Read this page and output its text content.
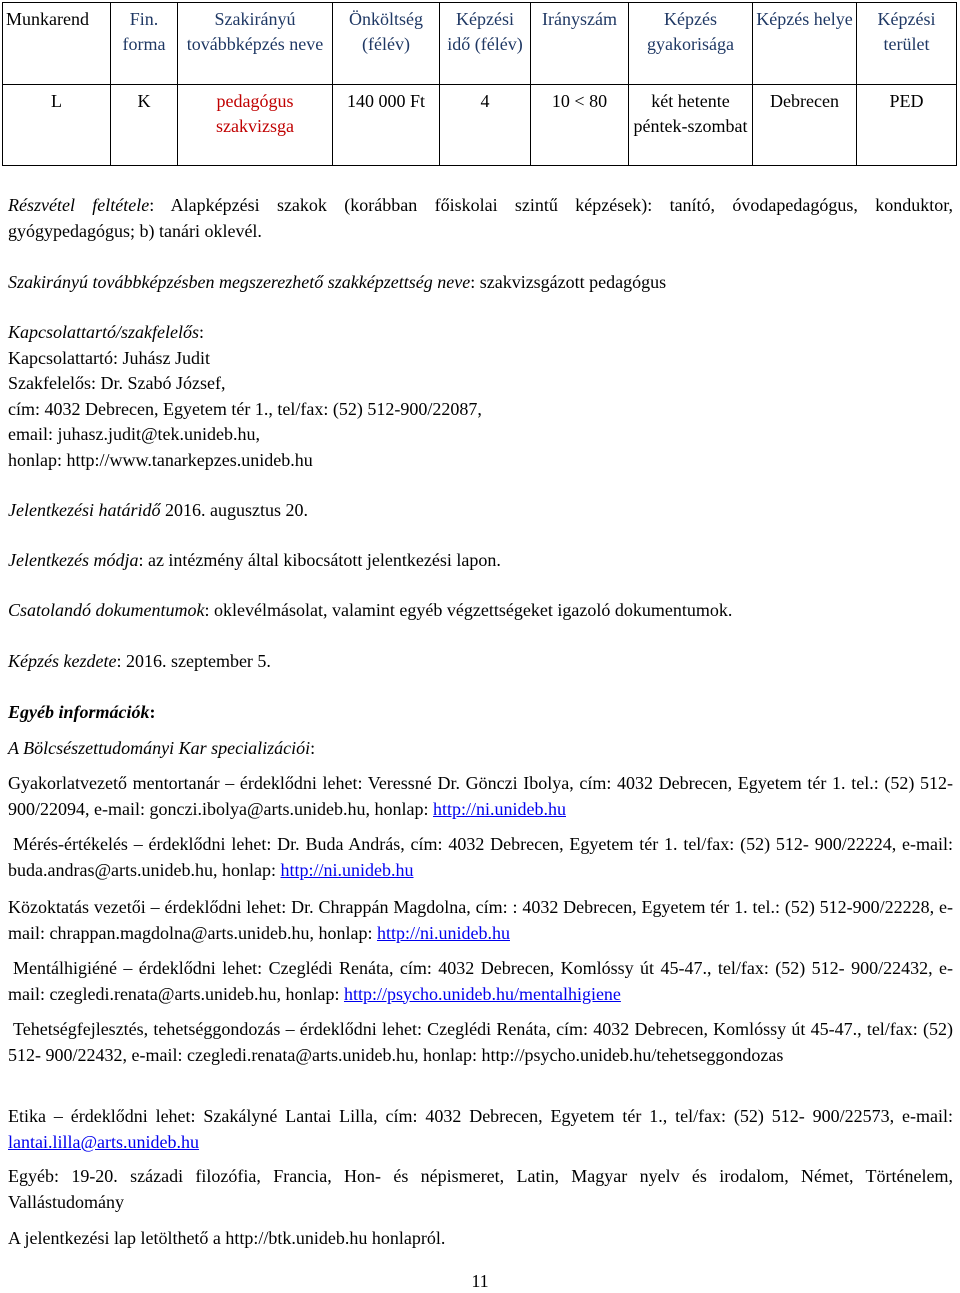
Munkarend	Fin. forma	Szakirányú továbbképzés neve	Önköltség (félév)	Képzési idő (félév)	Irányszám	Képzés gyakorisága	Képzés helye	Képzési terület
L	K	pedagógus szakvizsga	140 000 Ft	4	10 < 80	két hetente péntek-szombat	Debrecen	PED
Részvétel feltétele: Alapképzési szakok (korábban főiskolai szintű képzések): tanító, óvodapedagógus, konduktor, gyógypedagógus; b) tanári oklevél.
Szakirányú továbbképzésben megszerezhető szakképzettség neve: szakvizsgázott pedagógus
Kapcsolattartó/szakfelelős:
Kapcsolattartó: Juhász Judit
Szakfelelős: Dr. Szabó József,
cím: 4032 Debrecen, Egyetem tér 1., tel/fax: (52) 512-900/22087,
email: juhasz.judit@tek.unideb.hu,
honlap: http://www.tanarkepzes.unideb.hu
Jelentkezési határidő 2016. augusztus 20.
Jelentkezés módja: az intézmény által kibocsátott jelentkezési lapon.
Csatolandó dokumentumok: oklevélmásolat, valamint egyéb végzettségeket igazoló dokumentumok.
Képzés kezdete: 2016. szeptember 5.
Egyéb információk:
A Bölcsészettudományi Kar specializációi:
Gyakorlatvezető mentortanár – érdeklődni lehet: Veressné Dr. Gönczi Ibolya, cím: 4032 Debrecen, Egyetem tér 1. tel.: (52) 512-900/22094, e-mail: gonczi.ibolya@arts.unideb.hu, honlap: http://ni.unideb.hu
Mérés-értékelés – érdeklődni lehet: Dr. Buda András, cím: 4032 Debrecen, Egyetem tér 1. tel/fax: (52) 512- 900/22224, e-mail: buda.andras@arts.unideb.hu, honlap: http://ni.unideb.hu
Közoktatás vezetői – érdeklődni lehet: Dr. Chrappán Magdolna, cím: : 4032 Debrecen, Egyetem tér 1. tel.: (52) 512-900/22228, e-mail: chrappan.magdolna@arts.unideb.hu, honlap: http://ni.unideb.hu
Mentálhigiéné – érdeklődni lehet: Czeglédi Renáta, cím: 4032 Debrecen, Komlóssy út 45-47., tel/fax: (52) 512- 900/22432, e-mail: czegledi.renata@arts.unideb.hu, honlap: http://psycho.unideb.hu/mentalhigiene
Tehetségfejlesztés, tehetséggondozás – érdeklődni lehet: Czeglédi Renáta, cím: 4032 Debrecen, Komlóssy út 45-47., tel/fax: (52) 512- 900/22432, e-mail: czegledi.renata@arts.unideb.hu, honlap: http://psycho.unideb.hu/tehetseggondozas
Etika – érdeklődni lehet: Szakályné Lantai Lilla, cím: 4032 Debrecen, Egyetem tér 1., tel/fax: (52) 512- 900/22573, e-mail: lantai.lilla@arts.unideb.hu
Egyéb: 19-20. századi filozófia, Francia, Hon- és népismeret, Latin, Magyar nyelv és irodalom, Német, Történelem, Vallástudomány
A jelentkezési lap letölthető a http://btk.unideb.hu honlapról.
11
